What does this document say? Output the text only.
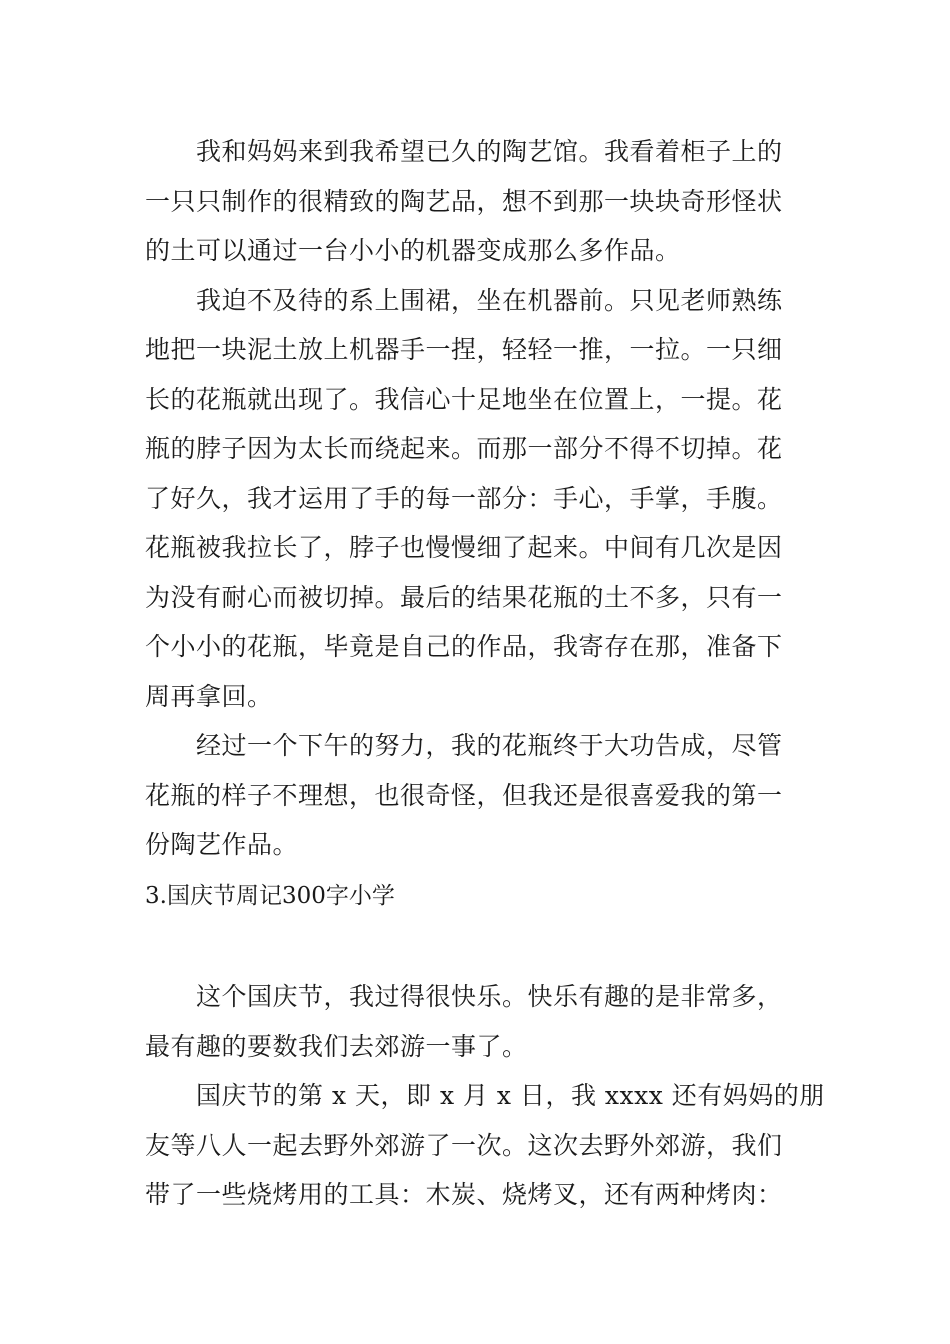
我和妈妈来到我希望已久的陶艺馆。我看着柜子上的
一只只制作的很精致的陶艺品，想不到那一块块奇形怪状
的土可以通过一台小小的机器变成那么多作品。
我迫不及待的系上围裙，坐在机器前。只见老师熟练
地把一块泥土放上机器手一捏，轻轻一推，一拉。一只细
长的花瓶就出现了。我信心十足地坐在位置上，一提。花
瓶的脖子因为太长而绕起来。而那一部分不得不切掉。花
了好久，我才运用了手的每一部分：手心，手掌，手腹。
花瓶被我拉长了，脖子也慢慢细了起来。中间有几次是因
为没有耐心而被切掉。最后的结果花瓶的土不多，只有一
个小小的花瓶，毕竟是自己的作品，我寄存在那，准备下
周再拿回。
经过一个下午的努力，我的花瓶终于大功告成，尽管
花瓶的样子不理想，也很奇怪，但我还是很喜爱我的第一
份陶艺作品。
3.国庆节周记300字小学
这个国庆节，我过得很快乐。快乐有趣的是非常多，
最有趣的要数我们去郊游一事了。
国庆节的第 x 天，即 x 月 x 日，我 xxxx 还有妈妈的朋
友等八人一起去野外郊游了一次。这次去野外郊游，我们
带了一些烧烤用的工具：木炭、烧烤叉，还有两种烤肉：
